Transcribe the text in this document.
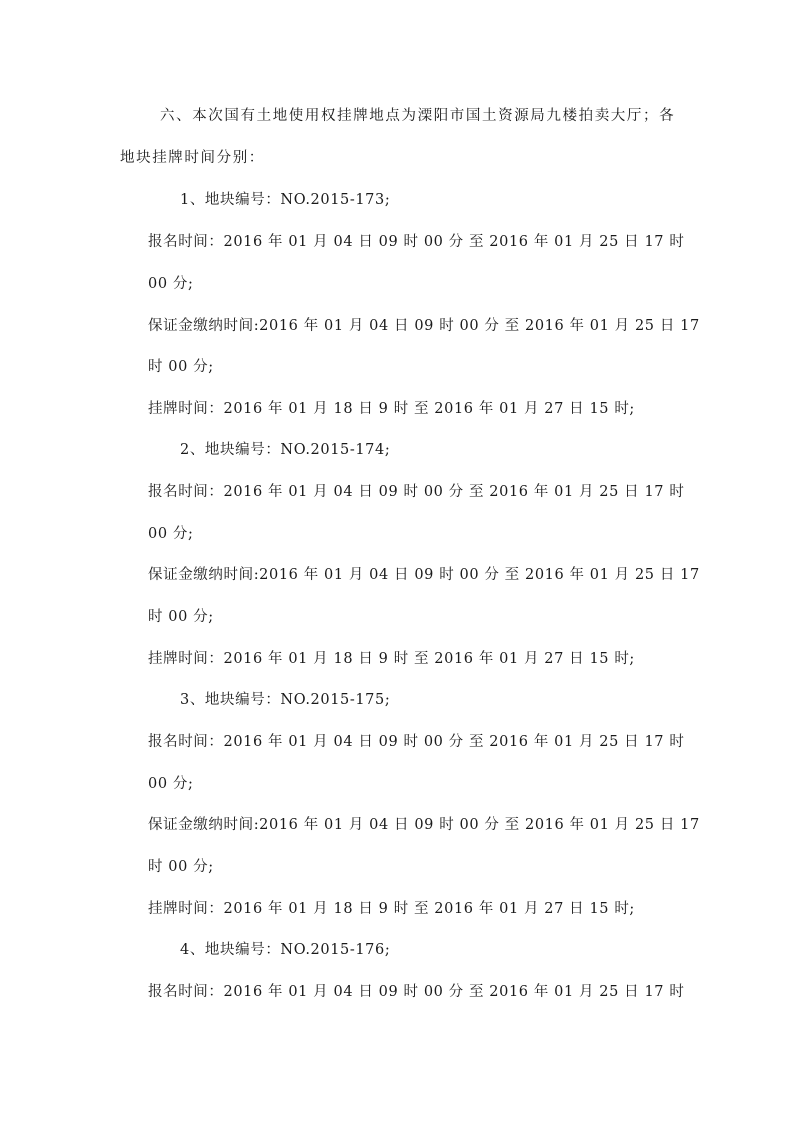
六、本次国有土地使用权挂牌地点为溧阳市国土资源局九楼拍卖大厅；各
地块挂牌时间分别：
1、地块编号：NO.2015-173;
报名时间：2016 年 01 月 04 日 09 时 00 分 至 2016 年 01 月 25 日 17 时
00 分;
保证金缴纳时间:2016 年 01 月 04 日 09 时 00 分 至 2016 年 01 月 25 日 17
时 00 分;
挂牌时间：2016 年 01 月 18 日 9 时 至 2016 年 01 月 27 日 15 时;
2、地块编号：NO.2015-174;
报名时间：2016 年 01 月 04 日 09 时 00 分 至 2016 年 01 月 25 日 17 时
00 分;
保证金缴纳时间:2016 年 01 月 04 日 09 时 00 分 至 2016 年 01 月 25 日 17
时 00 分;
挂牌时间：2016 年 01 月 18 日 9 时 至 2016 年 01 月 27 日 15 时;
3、地块编号：NO.2015-175;
报名时间：2016 年 01 月 04 日 09 时 00 分 至 2016 年 01 月 25 日 17 时
00 分;
保证金缴纳时间:2016 年 01 月 04 日 09 时 00 分 至 2016 年 01 月 25 日 17
时 00 分;
挂牌时间：2016 年 01 月 18 日 9 时 至 2016 年 01 月 27 日 15 时;
4、地块编号：NO.2015-176;
报名时间：2016 年 01 月 04 日 09 时 00 分 至 2016 年 01 月 25 日 17 时
